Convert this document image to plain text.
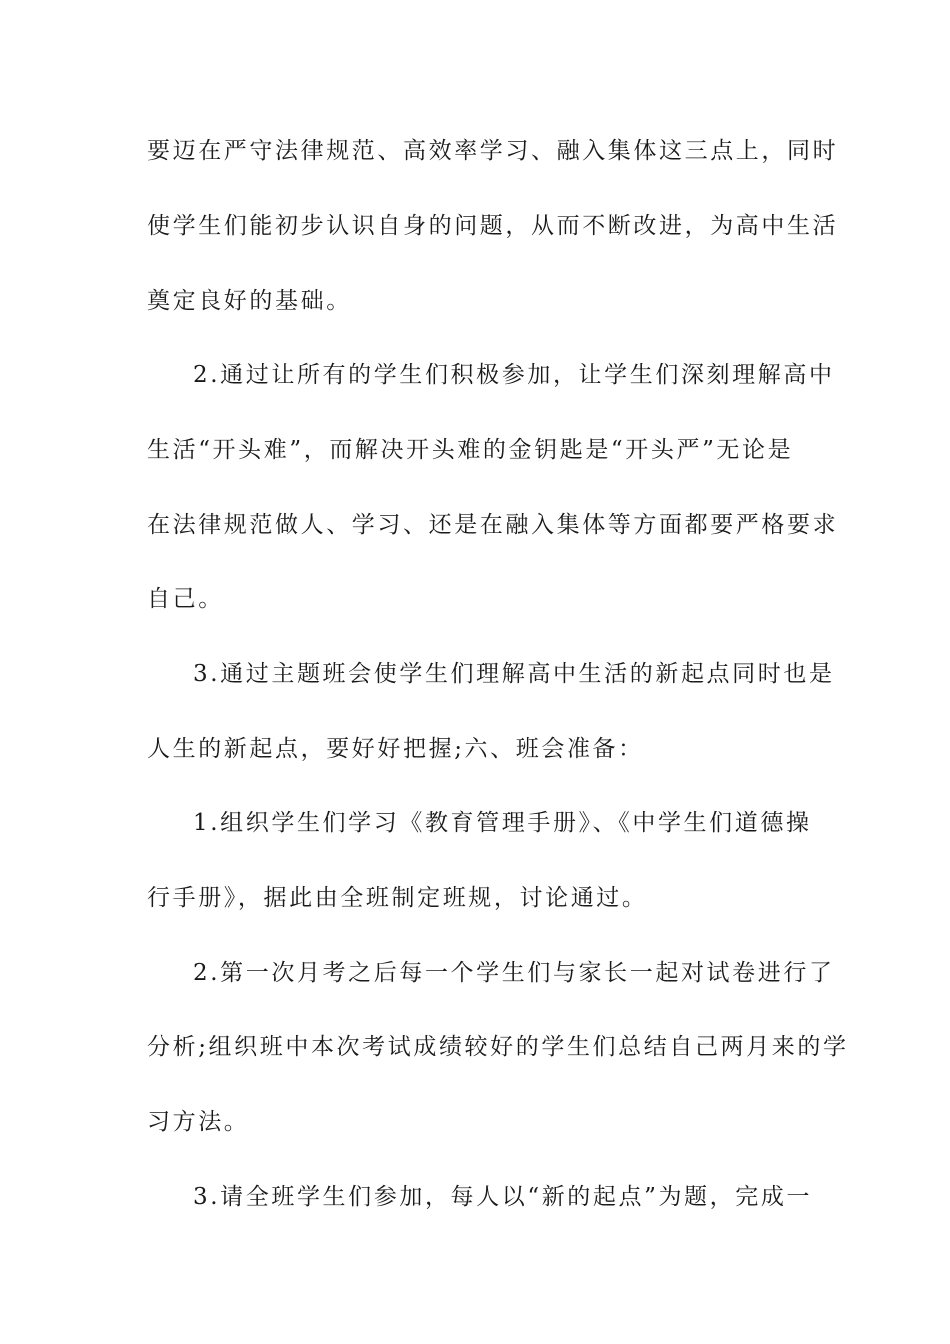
要迈在严守法律规范、高效率学习、融入集体这三点上，同时
使学生们能初步认识自身的问题，从而不断改进，为高中生活
奠定良好的基础。
2.通过让所有的学生们积极参加，让学生们深刻理解高中
生活“开头难”，而解决开头难的金钥匙是“开头严”无论是
在法律规范做人、学习、还是在融入集体等方面都要严格要求
自己。
3.通过主题班会使学生们理解高中生活的新起点同时也是
人生的新起点，要好好把握;六、班会准备：
1.组织学生们学习《教育管理手册》、《中学生们道德操
行手册》，据此由全班制定班规，讨论通过。
2.第一次月考之后每一个学生们与家长一起对试卷进行了
分析;组织班中本次考试成绩较好的学生们总结自己两月来的学
习方法。
3.请全班学生们参加，每人以“新的起点”为题，完成一
